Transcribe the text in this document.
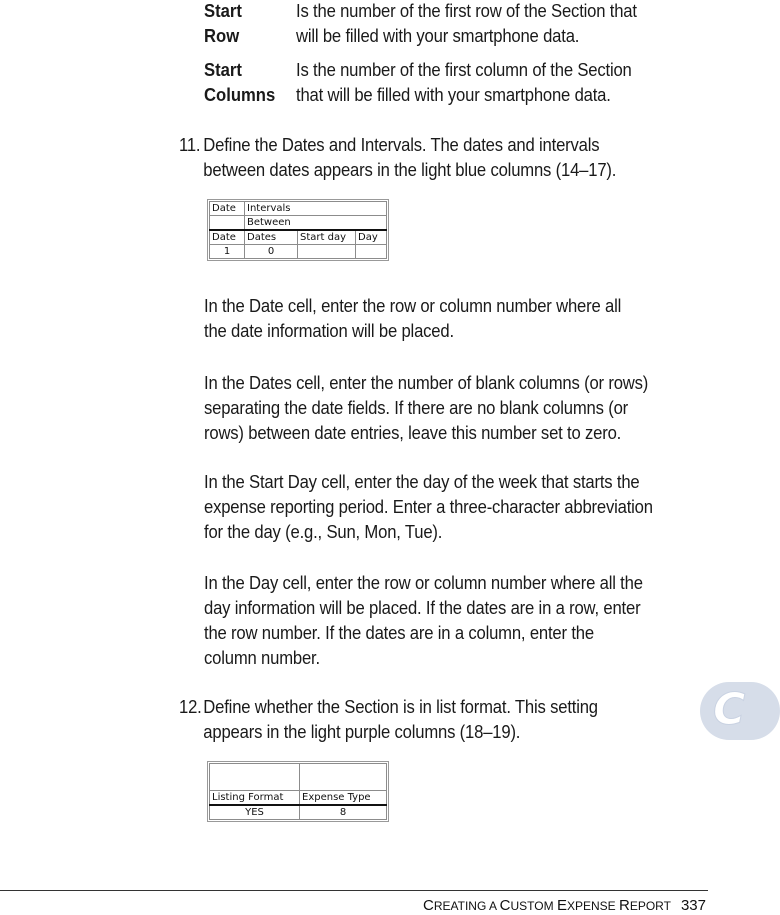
Start
Row
Is the number of the first row of the Section that
will be filled with your smartphone data.
Start
Columns
Is the number of the first column of the Section
that will be filled with your smartphone data.
11. Define the Dates and Intervals. The dates and intervals
between dates appears in the light blue columns (14–17).
Date	Intervals		
	Between		
Date	Dates	Start day	Day
1	0		
In the Date cell, enter the row or column number where all
the date information will be placed.
In the Dates cell, enter the number of blank columns (or rows)
separating the date fields. If there are no blank columns (or
rows) between date entries, leave this number set to zero.
In the Start Day cell, enter the day of the week that starts the
expense reporting period. Enter a three-character abbreviation
for the day (e.g., Sun, Mon, Tue).
In the Day cell, enter the row or column number where all the
day information will be placed. If the dates are in a row, enter
the row number. If the dates are in a column, enter the
column number.
12.Define whether the Section is in list format. This setting
appears in the light purple columns (18–19).

Listing Format	Expense Type
YES	8
C
CREATING A CUSTOM EXPENSE REPORT 337
